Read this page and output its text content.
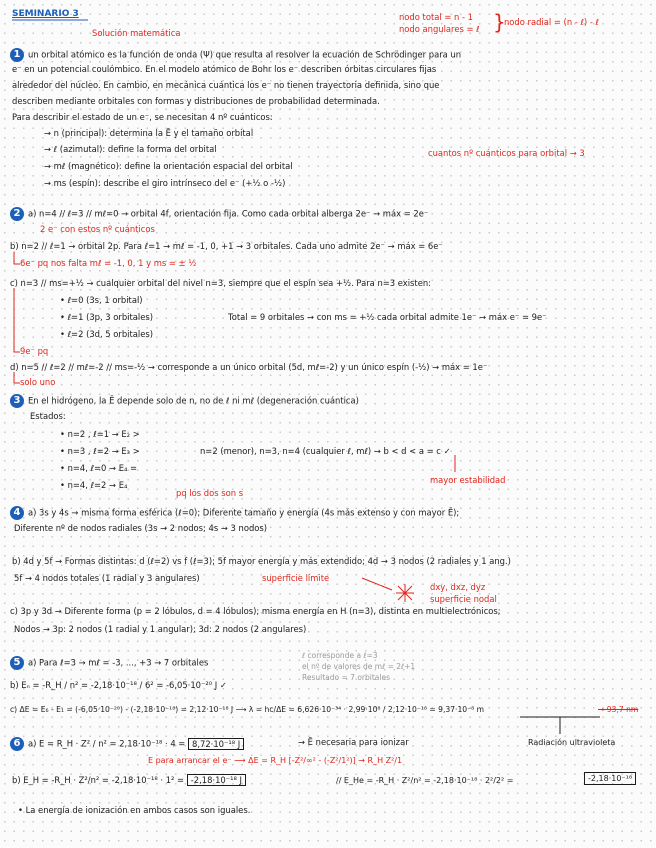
SEMINARIO 3
Solución matemática
nodo total = n - 1
nodo angulares = ℓ
nodo radial = (n - ℓ) - ℓ
}
1 un orbital atómico es la función de onda (Ψ) que resulta al resolver la ecuación de Schrödinger para un
e⁻ en un potencial coulómbico. En el modelo atómico de Bohr los e⁻ describen órbitas circulares fijas
alrededor del núcleo. En cambio, en mecánica cuántica los e⁻ no tienen trayectoria definida, sino que
describen mediante orbitales con formas y distribuciones de probabilidad determinada.
Para describir el estado de un e⁻, se necesitan 4 nº cuánticos:
→ n (principal): determina la Ē y el tamaño orbital
→ ℓ (azimutal): define la forma del orbital
→ mℓ (magnético): define la orientación espacial del orbital
→ ms (espín): describe el giro intrínseco del e⁻ (+½ o -½)
cuantos nº cuánticos para orbital → 3
2 a) n=4 // ℓ=3 // mℓ=0 → orbital 4f, orientación fija. Como cada orbital alberga 2e⁻ → máx = 2e⁻
2 e⁻ con estos nº cuánticos
b) n=2 // ℓ=1 → orbital 2p. Para ℓ=1 → mℓ = -1, 0, +1 → 3 orbitales. Cada uno admite 2e⁻ → máx = 6e⁻
6e⁻ pq nos falta mℓ = -1, 0, 1 y ms = ± ½
c) n=3 // ms=+½ → cualquier orbital del nivel n=3, siempre que el espín sea +½. Para n=3 existen:
• ℓ=0 (3s, 1 orbital)
• ℓ=1 (3p, 3 orbitales)
• ℓ=2 (3d, 5 orbitales)
Total = 9 orbitales → con ms = +½ cada orbital admite 1e⁻ → máx e⁻ = 9e⁻
9e⁻ pq
d) n=5 // ℓ=2 // mℓ=-2 // ms=-½ → corresponde a un único orbital (5d, mℓ=-2) y un único espín (-½) → máx = 1e⁻
solo uno
3 En el hidrógeno, la Ē depende solo de n, no de ℓ ni mℓ (degeneración cuántica)
Estados:
• n=2 , ℓ=1 → E₂ >
• n=3 , ℓ=2 → E₃ >
• n=4, ℓ=0 → E₄ =
• n=4, ℓ=2 → E₄
n=2 (menor), n=3, n=4 (cualquier ℓ, mℓ) → b < d < a = c ✓
mayor estabilidad
pq los dos son s
4 a) 3s y 4s → misma forma esférica (ℓ=0); Diferente tamaño y energía (4s más extenso y con mayor Ē);
Diferente nº de nodos radiales (3s → 2 nodos; 4s → 3 nodos)
b) 4d y 5f → Formas distintas: d (ℓ=2) vs f (ℓ=3); 5f mayor energía y más extendido; 4d → 3 nodos (2 radiales y 1 ang.)
5f → 4 nodos totales (1 radial y 3 angulares)	superficie límite
dxy, dxz, dyz
superficie nodal
c) 3p y 3d → Diferente forma (p = 2 lóbulos, d = 4 lóbulos); misma energía en H (n=3), distinta en multielectrónicos;
Nodos → 3p: 2 nodos (1 radial y 1 angular); 3d: 2 nodos (2 angulares)
5 a) Para ℓ=3 → mℓ = -3, ..., +3 → 7 orbitales
ℓ corresponde a ℓ=3
el nº de valores de mℓ = 2ℓ+1
Resultado = 7 orbitales
b) Eₙ = -R_H / n² = -2,18·10⁻¹⁸ / 6² = -6,05·10⁻²⁰ J ✓
c) ΔE = E₆ - E₁ = (-6,05·10⁻²⁰) - (-2,18·10⁻¹⁸) = 2,12·10⁻¹⁸ J ⟶ λ = hc/ΔE = 6,626·10⁻³⁴ · 2,99·10⁸ / 2,12·10⁻¹⁸ = 9,37·10⁻⁸ m	→ 93,7 nm
Radiación ultravioleta
6 a) E = R_H · Z² / n² = 2,18·10⁻¹⁸ · 4 = 8,72·10⁻¹⁸ J	→ Ē necesaria para ionizar
E para arrancar el e⁻ ⟶ ΔE = R_H [-Z²/∞² - (-Z²/1²)] → R_H Z²/1
b) E_H = -R_H · Z²/n² = -2,18·10⁻¹⁸ · 1² = -2,18·10⁻¹⁸ J	// E_He = -R_H · Z²/n² = -2,18·10⁻¹⁸ · 2²/2² =	-2,18·10⁻¹⁸
• La energía de ionización en ambos casos son iguales.
